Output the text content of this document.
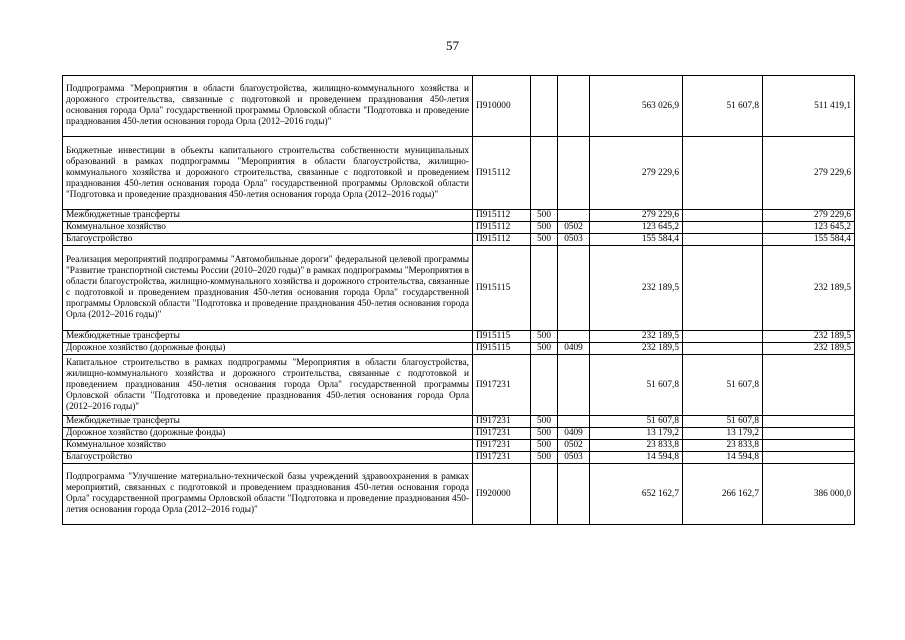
57
Подпрограмма "Мероприятия в области благоустройства, жилищно-коммунального хозяйства и дорожного строительства, связанные с подготовкой и проведением празднования 450-летия основания города Орла" государственной программы Орловской области "Подготовка и проведение празднования 450-летия основания города Орла (2012–2016 годы)"	П910000			563 026,9	51 607,8	511 419,1
Бюджетные инвестиции в объекты капитального строительства собственности муниципальных образований в рамках подпрограммы "Мероприятия в области благоустройства, жилищно-коммунального хозяйства и дорожного строительства, связанные с подготовкой и проведением празднования 450-летия основания города Орла" государственной программы Орловской области "Подготовка и проведение празднования 450-летия основания города Орла (2012–2016 годы)"	П915112			279 229,6		279 229,6
Межбюджетные трансферты	П915112	500		279 229,6		279 229,6
Коммунальное хозяйство	П915112	500	0502	123 645,2		123 645,2
Благоустройство	П915112	500	0503	155 584,4		155 584,4
Реализация мероприятий подпрограммы "Автомобильные дороги" федеральной целевой программы "Развитие транспортной системы России (2010–2020 годы)" в рамках подпрограммы "Мероприятия в области благоустройства, жилищно-коммунального хозяйства и дорожного строительства, связанные с подготовкой и проведением празднования 450-летия основания города Орла" государственной программы Орловской области "Подготовка и проведение празднования 450-летия основания города Орла (2012–2016 годы)"	П915115			232 189,5		232 189,5
Межбюджетные трансферты	П915115	500		232 189,5		232 189,5
Дорожное хозяйство (дорожные фонды)	П915115	500	0409	232 189,5		232 189,5
Капитальное строительство в рамках подпрограммы "Мероприятия в области благоустройства, жилищно-коммунального хозяйства и дорожного строительства, связанные с подготовкой и проведением празднования 450-летия основания города Орла" государственной программы Орловской области "Подготовка и проведение празднования 450-летия основания города Орла (2012–2016 годы)"	П917231			51 607,8	51 607,8	
Межбюджетные трансферты	П917231	500		51 607,8	51 607,8	
Дорожное хозяйство (дорожные фонды)	П917231	500	0409	13 179,2	13 179,2	
Коммунальное хозяйство	П917231	500	0502	23 833,8	23 833,8	
Благоустройство	П917231	500	0503	14 594,8	14 594,8	
Подпрограмма "Улучшение материально-технической базы учреждений здравоохранения в рамках мероприятий, связанных с подготовкой и проведением празднования 450-летия основания города Орла" государственной программы Орловской области "Подготовка и проведение празднования 450-летия основания города Орла (2012–2016 годы)"	П920000			652 162,7	266 162,7	386 000,0
